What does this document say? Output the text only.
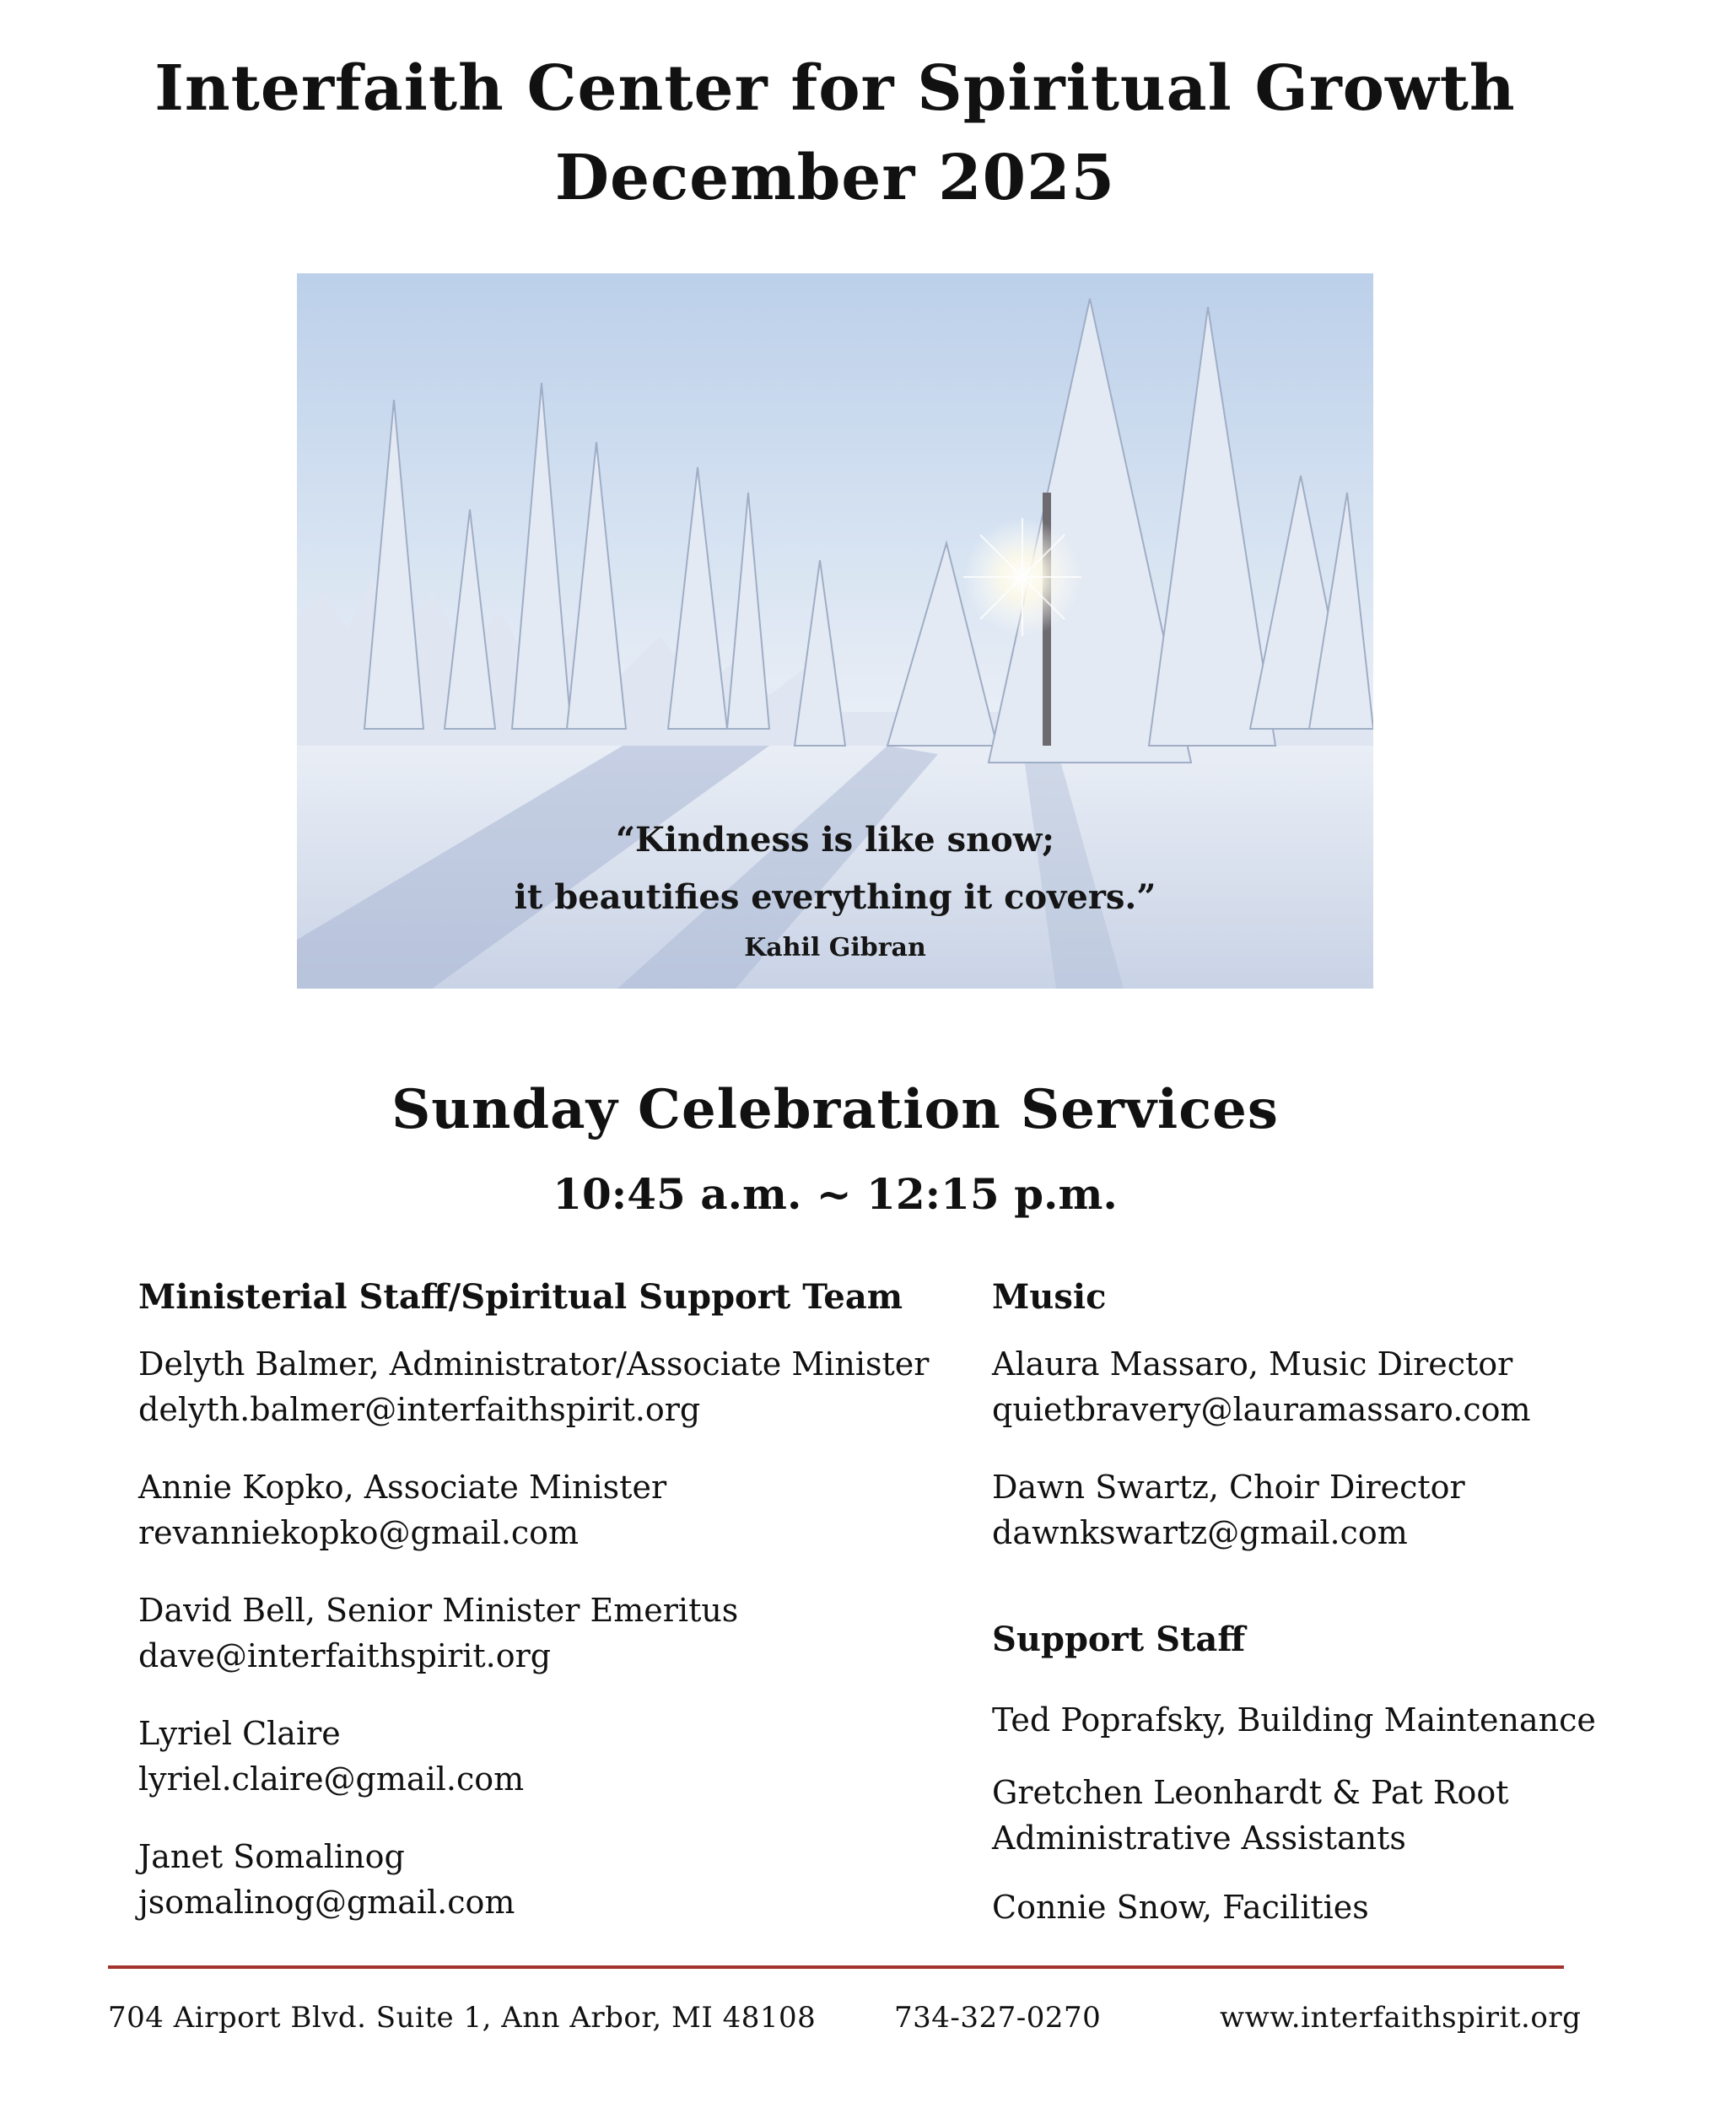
Interfaith Center for Spiritual Growth
December 2025
“Kindness is like snow;
it beautifies everything it covers.”
Kahil Gibran
Sunday Celebration Services
10:45 a.m. ~ 12:15 p.m.
Ministerial Staff/Spiritual Support Team
Delyth Balmer, Administrator/Associate Minister
delyth.balmer@interfaithspirit.org
Annie Kopko, Associate Minister
revanniekopko@gmail.com
David Bell, Senior Minister Emeritus
dave@interfaithspirit.org
Lyriel Claire
lyriel.claire@gmail.com
Janet Somalinog
jsomalinog@gmail.com
Music
Alaura Massaro, Music Director
quietbravery@lauramassaro.com
Dawn Swartz, Choir Director
dawnkswartz@gmail.com
Support Staff
Ted Poprafsky, Building Maintenance
Gretchen Leonhardt & Pat Root
Administrative Assistants
Connie Snow, Facilities
704 Airport Blvd. Suite 1, Ann Arbor, MI 48108	734-327-0270	www.interfaithspirit.org
